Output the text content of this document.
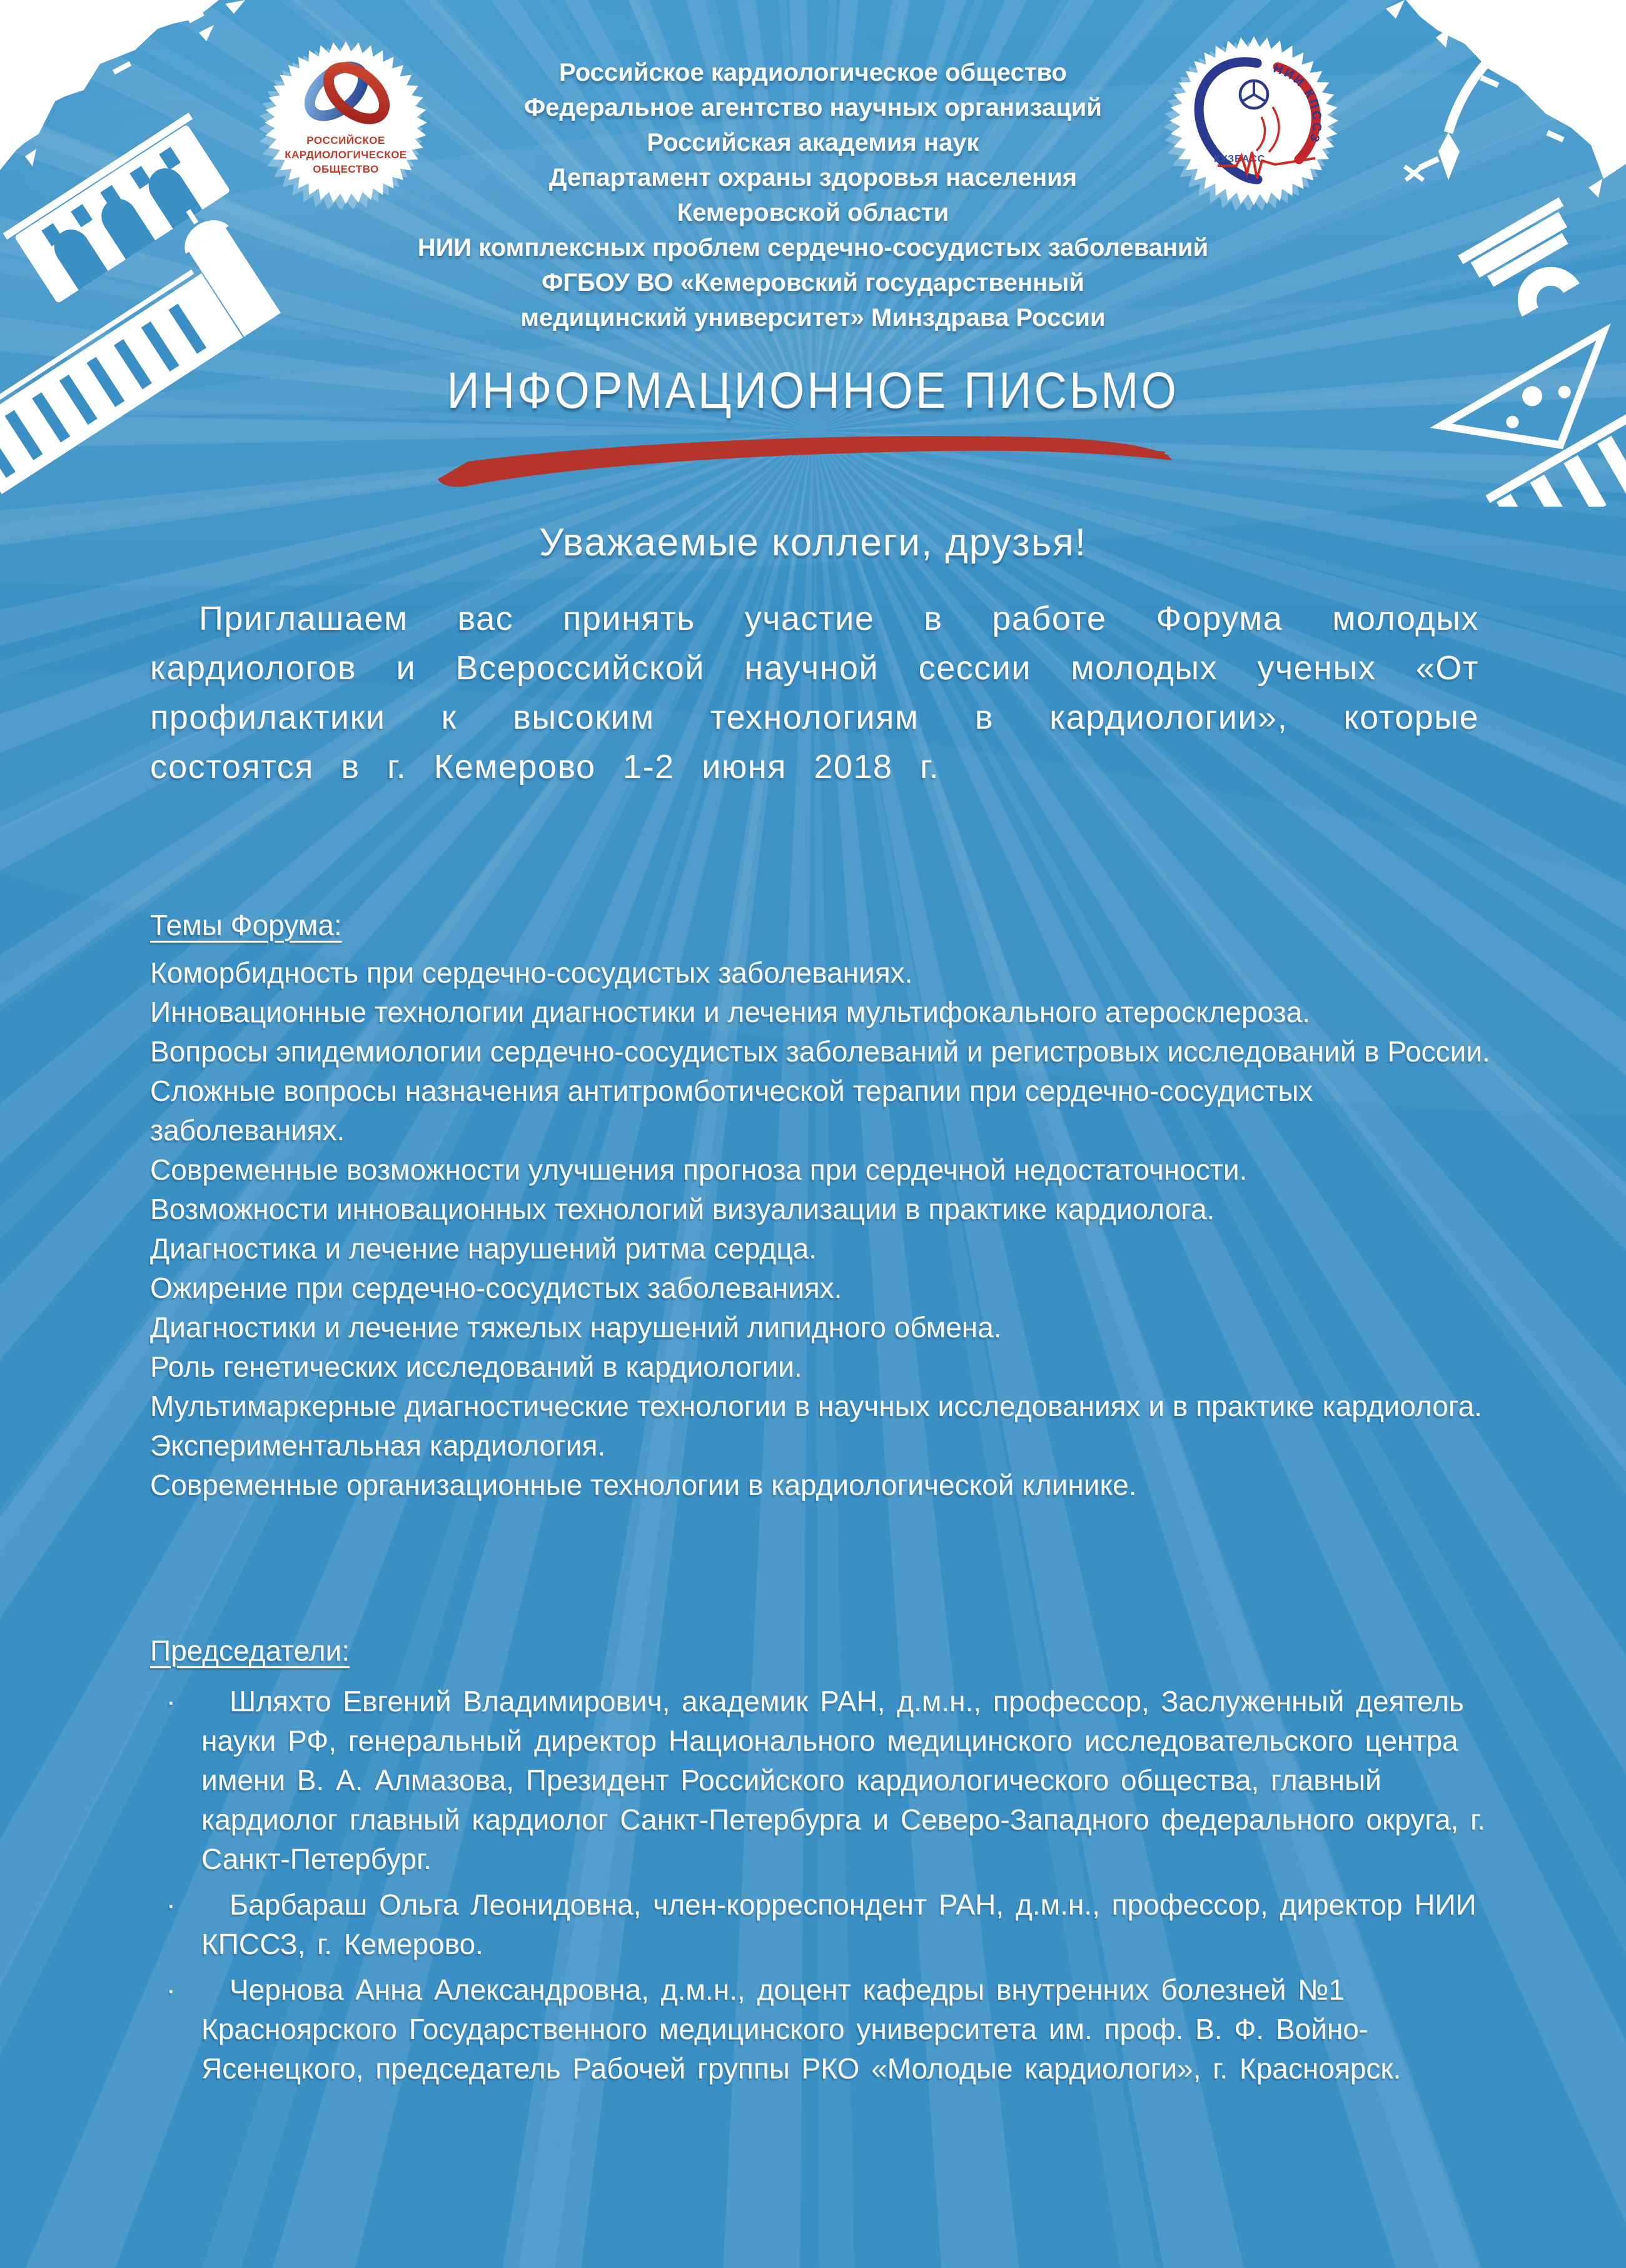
РОССИЙСКОЕ
КАРДИОЛОГИЧЕСКОЕ
ОБЩЕСТВО
НИИ КПССЗ
КУЗБАСС
Российское кардиологическое общество
Федеральное агентство научных организаций
Российская академия наук
Департамент охраны здоровья населения
Кемеровской области
НИИ комплексных проблем сердечно-сосудистых заболеваний
ФГБОУ ВО «Кемеровский государственный
медицинский университет» Минздрава России
ИНФОРМАЦИОННОЕ ПИСЬМО
Уважаемые коллеги, друзья!
Приглашаем вас принять участие в работе Форума молодых кардиологов и Всероссийской научной сессии молодых ученых «От профилактики к высоким технологиям в кардиологии», которые состоятся в г. Кемерово 1-2 июня 2018 г.
Темы Форума:
Коморбидность при сердечно-сосудистых заболеваниях.
Инновационные технологии диагностики и лечения мультифокального атеросклероза.
Вопросы эпидемиологии сердечно-сосудистых заболеваний и регистровых исследований в России.
Сложные вопросы назначения антитромботической терапии при сердечно-сосудистых заболеваниях.
Современные возможности улучшения прогноза при сердечной недостаточности.
Возможности инновационных технологий визуализации в практике кардиолога.
Диагностика и лечение нарушений ритма сердца.
Ожирение при сердечно-сосудистых заболеваниях.
Диагностики и лечение тяжелых нарушений липидного обмена.
Роль генетических исследований в кардиологии.
Мультимаркерные диагностические технологии в научных исследованиях и в практике кардиолога.
Экспериментальная кардиология.
Современные организационные технологии в кардиологической клинике.
Председатели:
· Шляхто Евгений Владимирович, академик РАН, д.м.н., профессор, Заслуженный деятель науки РФ, генеральный директор Национального медицинского исследовательского центра имени В. А. Алмазова, Президент Российского кардиологического общества, главный кардиолог главный кардиолог Санкт-Петербурга и Северо-Западного федерального округа, г. Санкт-Петербург.
· Барбараш Ольга Леонидовна, член-корреспондент РАН, д.м.н., профессор, директор НИИ КПССЗ, г. Кемерово.
· Чернова Анна Александровна, д.м.н., доцент кафедры внутренних болезней №1 Красноярского Государственного медицинского университета им. проф. В. Ф. Войно-Ясенецкого, председатель Рабочей группы РКО «Молодые кардиологи», г. Красноярск.
